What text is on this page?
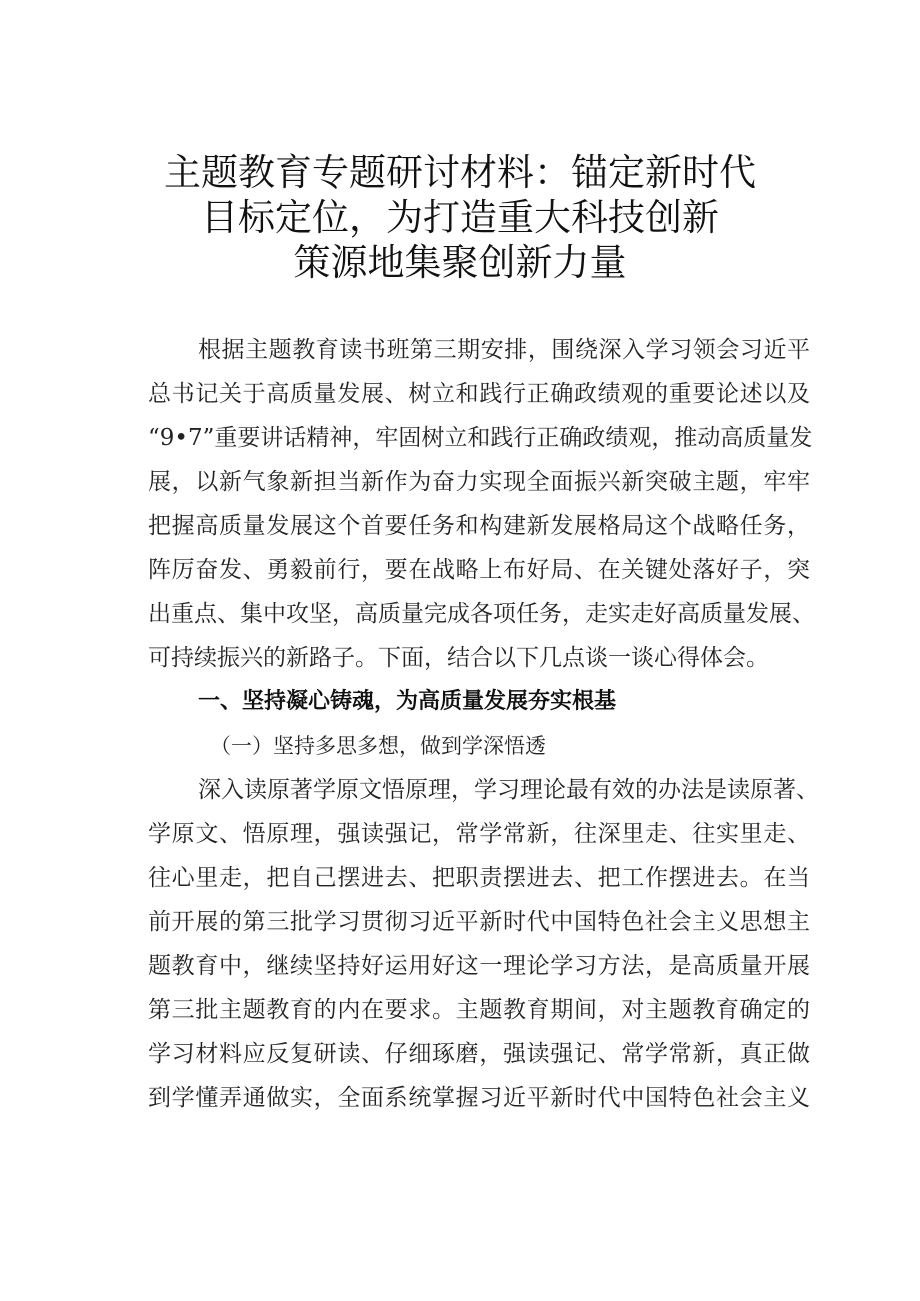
主题教育专题研讨材料：锚定新时代
目标定位，为打造重大科技创新
策源地集聚创新力量
根据主题教育读书班第三期安排，围绕深入学习领会习近平
总书记关于高质量发展、树立和践行正确政绩观的重要论述以及
“9•7”重要讲话精神，牢固树立和践行正确政绩观，推动高质量发
展，以新气象新担当新作为奋力实现全面振兴新突破主题，牢牢
把握高质量发展这个首要任务和构建新发展格局这个战略任务，
阵厉奋发、勇毅前行，要在战略上布好局、在关键处落好子，突
出重点、集中攻坚，高质量完成各项任务，走实走好高质量发展、
可持续振兴的新路子。下面，结合以下几点谈一谈心得体会。
一、坚持凝心铸魂，为高质量发展夯实根基
（一）坚持多思多想，做到学深悟透
深入读原著学原文悟原理，学习理论最有效的办法是读原著、
学原文、悟原理，强读强记，常学常新，往深里走、往实里走、
往心里走，把自己摆进去、把职责摆进去、把工作摆进去。在当
前开展的第三批学习贯彻习近平新时代中国特色社会主义思想主
题教育中，继续坚持好运用好这一理论学习方法，是高质量开展
第三批主题教育的内在要求。主题教育期间，对主题教育确定的
学习材料应反复研读、仔细琢磨，强读强记、常学常新，真正做
到学懂弄通做实，全面系统掌握习近平新时代中国特色社会主义
